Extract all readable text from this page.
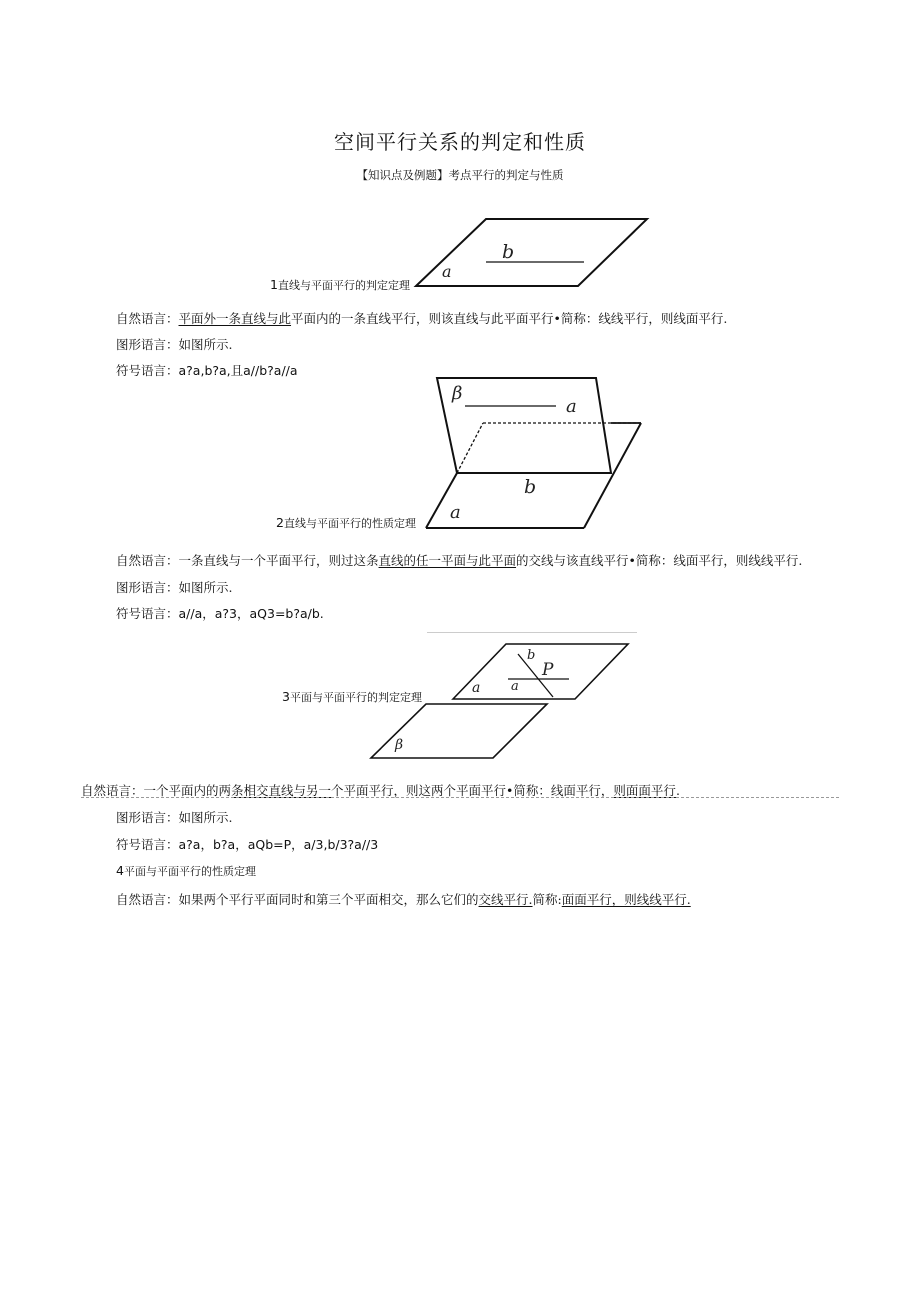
空间平行关系的判定和性质
【知识点及例题】考点平行的判定与性质
b
a
1直线与平面平行的判定定理
自然语言：平面外一条直线与此平面内的一条直线平行，则该直线与此平面平行•简称：线线平行，则线面平行.
图形语言：如图所示.
符号语言：a?a,b?a,且a//b?a//a
β
a
b
a
2直线与平面平行的性质定理
自然语言：一条直线与一个平面平行，则过这条直线的任一平面与此平面的交线与该直线平行•简称：线面平行，则线线平行.
图形语言：如图所示.
符号语言：a//a，a?3，aQ3=b?a/b.
b
P
a
a
β
3平面与平面平行的判定定理
自然语言：一个平面内的两条相交直线与另一个平面平行，则这两个平面平行•简称：线面平行，则面面平行.
图形语言：如图所示.
符号语言：a?a，b?a，aQb=P，a/3,b/3?a//3
4平面与平面平行的性质定理
自然语言：如果两个平行平面同时和第三个平面相交，那么它们的交线平行.简称:面面平行，则线线平行.
